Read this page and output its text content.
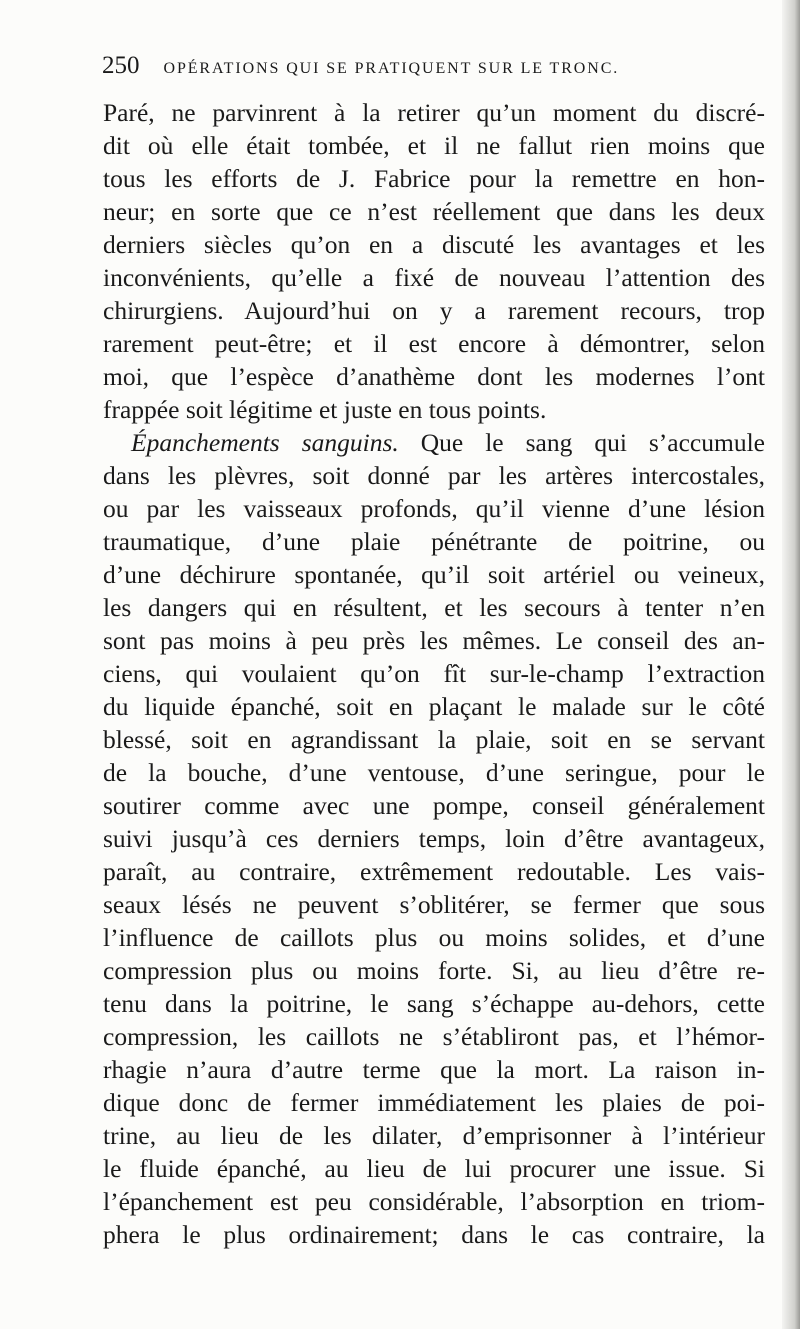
250 OPÉRATIONS QUI SE PRATIQUENT SUR LE TRONC.
Paré, ne parvinrent à la retirer qu’un moment du discré-
dit où elle était tombée, et il ne fallut rien moins que
tous les efforts de J. Fabrice pour la remettre en hon-
neur; en sorte que ce n’est réellement que dans les deux
derniers siècles qu’on en a discuté les avantages et les
inconvénients, qu’elle a fixé de nouveau l’attention des
chirurgiens. Aujourd’hui on y a rarement recours, trop
rarement peut-être; et il est encore à démontrer, selon
moi, que l’espèce d’anathème dont les modernes l’ont
frappée soit légitime et juste en tous points.
Épanchements sanguins. Que le sang qui s’accumule
dans les plèvres, soit donné par les artères intercostales,
ou par les vaisseaux profonds, qu’il vienne d’une lésion
traumatique, d’une plaie pénétrante de poitrine, ou
d’une déchirure spontanée, qu’il soit artériel ou veineux,
les dangers qui en résultent, et les secours à tenter n’en
sont pas moins à peu près les mêmes. Le conseil des an-
ciens, qui voulaient qu’on fît sur-le-champ l’extraction
du liquide épanché, soit en plaçant le malade sur le côté
blessé, soit en agrandissant la plaie, soit en se servant
de la bouche, d’une ventouse, d’une seringue, pour le
soutirer comme avec une pompe, conseil généralement
suivi jusqu’à ces derniers temps, loin d’être avantageux,
paraît, au contraire, extrêmement redoutable. Les vais-
seaux lésés ne peuvent s’oblitérer, se fermer que sous
l’influence de caillots plus ou moins solides, et d’une
compression plus ou moins forte. Si, au lieu d’être re-
tenu dans la poitrine, le sang s’échappe au-dehors, cette
compression, les caillots ne s’établiront pas, et l’hémor-
rhagie n’aura d’autre terme que la mort. La raison in-
dique donc de fermer immédiatement les plaies de poi-
trine, au lieu de les dilater, d’emprisonner à l’intérieur
le fluide épanché, au lieu de lui procurer une issue. Si
l’épanchement est peu considérable, l’absorption en triom-
phera le plus ordinairement; dans le cas contraire, la
